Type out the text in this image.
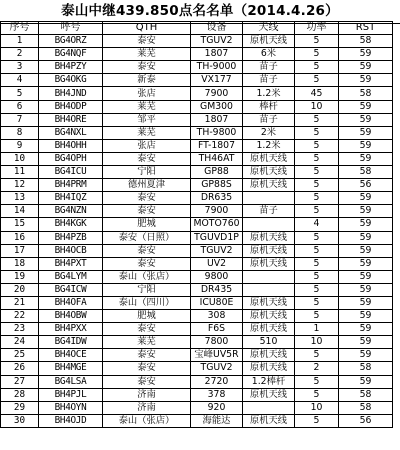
泰山中继439.850点名名单（2014.4.26）
序号	呼号	QTH	设备	天线	功率	RST
1	BG4ORZ	泰安	TGUV2	原机天线	5	58
2	BG4NQF	莱芜	1807	6米	5	59
3	BH4PZY	泰安	TH-9000	苗子	5	59
4	BG4OKG	新泰	VX177	苗子	5	59
5	BH4JND	张店	7900	1.2米	45	58
6	BH4ODP	莱芜	GM300	棒杆	10	59
7	BH4ORE	邹平	1807	苗子	5	59
8	BG4NXL	莱芜	TH-9800	2米	5	59
9	BH4OHH	张店	FT-1807	1.2米	5	59
10	BG4OPH	泰安	TH46AT	原机天线	5	59
11	BG4ICU	宁阳	GP88	原机天线	5	58
12	BH4PRM	德州夏津	GP88S	原机天线	5	56
13	BH4IQZ	泰安	DR635		5	59
14	BG4NZN	泰安	7900	苗子	5	59
15	BH4KGK	肥城	MOTO760		4	59
16	BH4PZB	泰安（日照）	TGUVD1P	原机天线	5	59
17	BH4OCB	泰安	TGUV2	原机天线	5	59
18	BH4PXT	泰安	UV2	原机天线	5	59
19	BG4LYM	泰山（张店）	9800		5	59
20	BG4ICW	宁阳	DR435		5	59
21	BH4OFA	泰山（四川）	ICU80E	原机天线	5	59
22	BH4OBW	肥城	308	原机天线	5	59
23	BH4PXX	泰安	F6S	原机天线	1	59
24	BG4IDW	莱芜	7800	510	10	59
25	BH4OCE	泰安	宝峰UV5R	原机天线	5	59
26	BH4MGE	泰安	TGUV2	原机天线	2	58
27	BG4LSA	泰安	2720	1.2棒杆	5	59
28	BH4PJL	济南	378	原机天线	5	58
29	BH4OYN	济南	920		10	58
30	BH4OJD	泰山（张店）	海能达	原机天线	5	56
